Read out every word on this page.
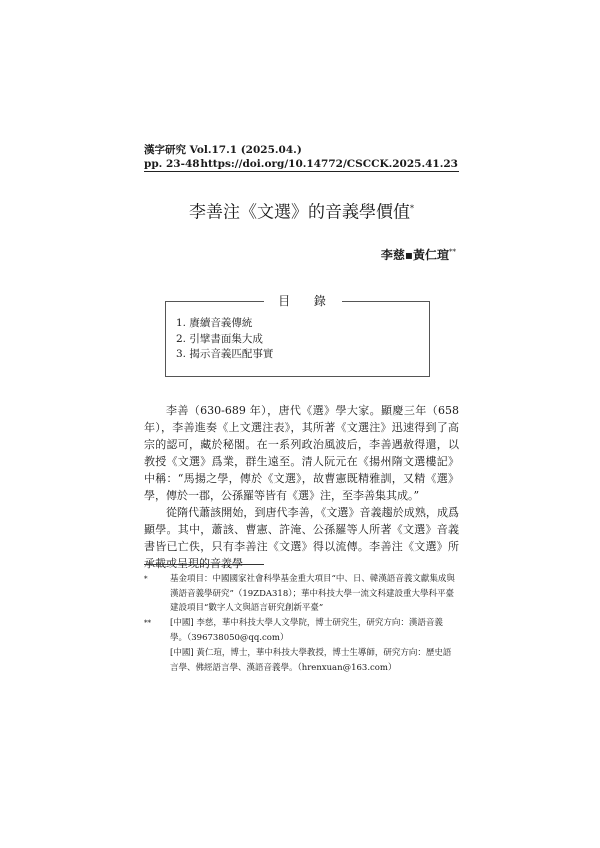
漢字研究 Vol.17.1 (2025.04.)
pp. 23-48 https://doi.org/10.14772/CSCCK.2025.41.23
李善注《文選》的音義學價值*
李慈▪黃仁瑄**
目 錄
1. 賡續音義傳統
2. 引擘書面集大成
3. 揭示音義匹配事實

李善（630-689 年），唐代《選》學大家。顯慶三年（658 年），李善進奏《上文選注表》，其所著《文選注》迅速得到了高宗的認可，藏於秘閣。在一系列政治風波后，李善遇赦得還，以教授《文選》爲業，群生遠至。清人阮元在《揚州隋文選樓記》中稱：“馬揚之學，傳於《文選》，故曹憲既精雅訓，又精《選》學，傳於一郡，公孫羅等皆有《選》注，至李善集其成。”

從隋代蕭該開始，到唐代李善，《文選》音義趨於成熟，成爲顯學。其中，蕭該、曹憲、許淹、公孫羅等人所著《文選》音義書皆已亡佚，只有李善注《文選》得以流傳。李善注《文選》所承載或呈現的音義學

*	基金項目：中國國家社會科學基金重大項目“中、日、韓漢語音義文獻集成與漢語音義學研究”（19ZDA318）；華中科技大學一流文科建設重大學科平臺建設項目“數字人文與語言研究創新平臺”
**	[中國] 李慈，華中科技大學人文學院，博士研究生，研究方向：漢語音義學。（396738050@qq.com）
[中國] 黃仁瑄，博士，華中科技大學教授，博士生導師，研究方向：歷史語言學、佛經語言學、漢語音義學。（hrenxuan@163.com）
